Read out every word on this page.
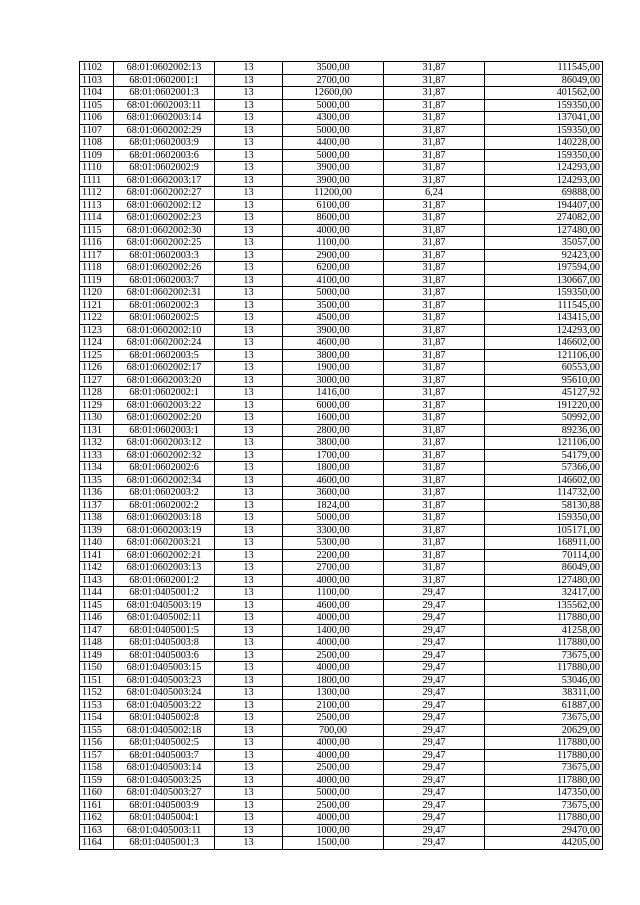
1102	68:01:0602002:13	13	3500,00	31,87	111545,00
1103	68:01:0602001:1	13	2700,00	31,87	86049,00
1104	68:01:0602001:3	13	12600,00	31,87	401562,00
1105	68:01:0602003:11	13	5000,00	31,87	159350,00
1106	68:01:0602003:14	13	4300,00	31,87	137041,00
1107	68:01:0602002:29	13	5000,00	31,87	159350,00
1108	68:01:0602003:9	13	4400,00	31,87	140228,00
1109	68:01:0602003:6	13	5000,00	31,87	159350,00
1110	68:01:0602002:9	13	3900,00	31,87	124293,00
1111	68:01:0602003:17	13	3900,00	31,87	124293,00
1112	68:01:0602002:27	13	11200,00	6,24	69888,00
1113	68:01:0602002:12	13	6100,00	31,87	194407,00
1114	68:01:0602002:23	13	8600,00	31,87	274082,00
1115	68:01:0602002:30	13	4000,00	31,87	127480,00
1116	68:01:0602002:25	13	1100,00	31,87	35057,00
1117	68:01:0602003:3	13	2900,00	31,87	92423,00
1118	68:01:0602002:26	13	6200,00	31,87	197594,00
1119	68:01:0602003:7	13	4100,00	31,87	130667,00
1120	68:01:0602002:31	13	5000,00	31,87	159350,00
1121	68:01:0602002:3	13	3500,00	31,87	111545,00
1122	68:01:0602002:5	13	4500,00	31,87	143415,00
1123	68:01:0602002:10	13	3900,00	31,87	124293,00
1124	68:01:0602002:24	13	4600,00	31,87	146602,00
1125	68:01:0602003:5	13	3800,00	31,87	121106,00
1126	68:01:0602002:17	13	1900,00	31,87	60553,00
1127	68:01:0602003:20	13	3000,00	31,87	95610,00
1128	68:01:0602002:1	13	1416,00	31,87	45127,92
1129	68:01:0602003:22	13	6000,00	31,87	191220,00
1130	68:01:0602002:20	13	1600,00	31,87	50992,00
1131	68:01:0602003:1	13	2800,00	31,87	89236,00
1132	68:01:0602003:12	13	3800,00	31,87	121106,00
1133	68:01:0602002:32	13	1700,00	31,87	54179,00
1134	68:01:0602002:6	13	1800,00	31,87	57366,00
1135	68:01:0602002:34	13	4600,00	31,87	146602,00
1136	68:01:0602003:2	13	3600,00	31,87	114732,00
1137	68:01:0602002:2	13	1824,00	31,87	58130,88
1138	68:01:0602003:18	13	5000,00	31,87	159350,00
1139	68:01:0602003:19	13	3300,00	31,87	105171,00
1140	68:01:0602003:21	13	5300,00	31,87	168911,00
1141	68:01:0602002:21	13	2200,00	31,87	70114,00
1142	68:01:0602003:13	13	2700,00	31,87	86049,00
1143	68:01:0602001:2	13	4000,00	31,87	127480,00
1144	68:01:0405001:2	13	1100,00	29,47	32417,00
1145	68:01:0405003:19	13	4600,00	29,47	135562,00
1146	68:01:0405002:11	13	4000,00	29,47	117880,00
1147	68:01:0405001:5	13	1400,00	29,47	41258,00
1148	68:01:0405003:8	13	4000,00	29,47	117880,00
1149	68:01:0405003:6	13	2500,00	29,47	73675,00
1150	68:01:0405003:15	13	4000,00	29,47	117880,00
1151	68:01:0405003:23	13	1800,00	29,47	53046,00
1152	68:01:0405003:24	13	1300,00	29,47	38311,00
1153	68:01:0405003:22	13	2100,00	29,47	61887,00
1154	68:01:0405002:8	13	2500,00	29,47	73675,00
1155	68:01:0405002:18	13	700,00	29,47	20629,00
1156	68:01:0405002:5	13	4000,00	29,47	117880,00
1157	68:01:0405003:7	13	4000,00	29,47	117880,00
1158	68:01:0405003:14	13	2500,00	29,47	73675,00
1159	68:01:0405003:25	13	4000,00	29,47	117880,00
1160	68:01:0405003:27	13	5000,00	29,47	147350,00
1161	68:01:0405003:9	13	2500,00	29,47	73675,00
1162	68:01:0405004:1	13	4000,00	29,47	117880,00
1163	68:01:0405003:11	13	1000,00	29,47	29470,00
1164	68:01:0405001:3	13	1500,00	29,47	44205,00
